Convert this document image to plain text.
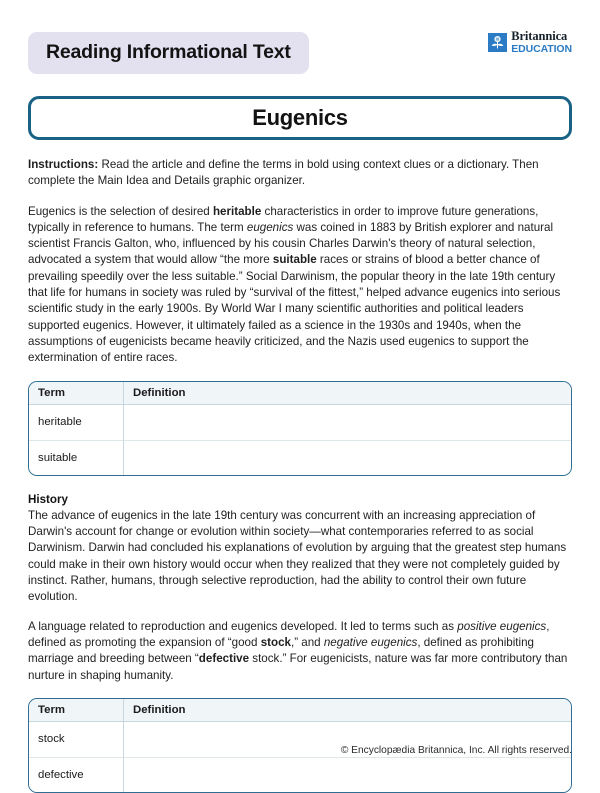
Reading Informational Text
Britannica
EDUCATION
Eugenics

Instructions: Read the article and define the terms in bold using context clues or a dictionary. Then complete the Main Idea and Details graphic organizer.

Eugenics is the selection of desired heritable characteristics in order to improve future generations, typically in reference to humans. The term eugenics was coined in 1883 by British explorer and natural scientist Francis Galton, who, influenced by his cousin Charles Darwin's theory of natural selection, advocated a system that would allow “the more suitable races or strains of blood a better chance of prevailing speedily over the less suitable.” Social Darwinism, the popular theory in the late 19th century that life for humans in society was ruled by “survival of the fittest,” helped advance eugenics into serious scientific study in the early 1900s. By World War I many scientific authorities and political leaders supported eugenics. However, it ultimately failed as a science in the 1930s and 1940s, when the assumptions of eugenicists became heavily criticized, and the Nazis used eugenics to support the extermination of entire races.

Term	Definition
heritable	
suitable	

History

The advance of eugenics in the late 19th century was concurrent with an increasing appreciation of Darwin's account for change or evolution within society—what contemporaries referred to as social Darwinism. Darwin had concluded his explanations of evolution by arguing that the greatest step humans could make in their own history would occur when they realized that they were not completely guided by instinct. Rather, humans, through selective reproduction, had the ability to control their own future evolution.

A language related to reproduction and eugenics developed. It led to terms such as positive eugenics, defined as promoting the expansion of “good stock,” and negative eugenics, defined as prohibiting marriage and breeding between “defective stock.” For eugenicists, nature was far more contributory than nurture in shaping humanity.

Term	Definition
stock	
defective	
© Encyclopædia Britannica, Inc. All rights reserved.
